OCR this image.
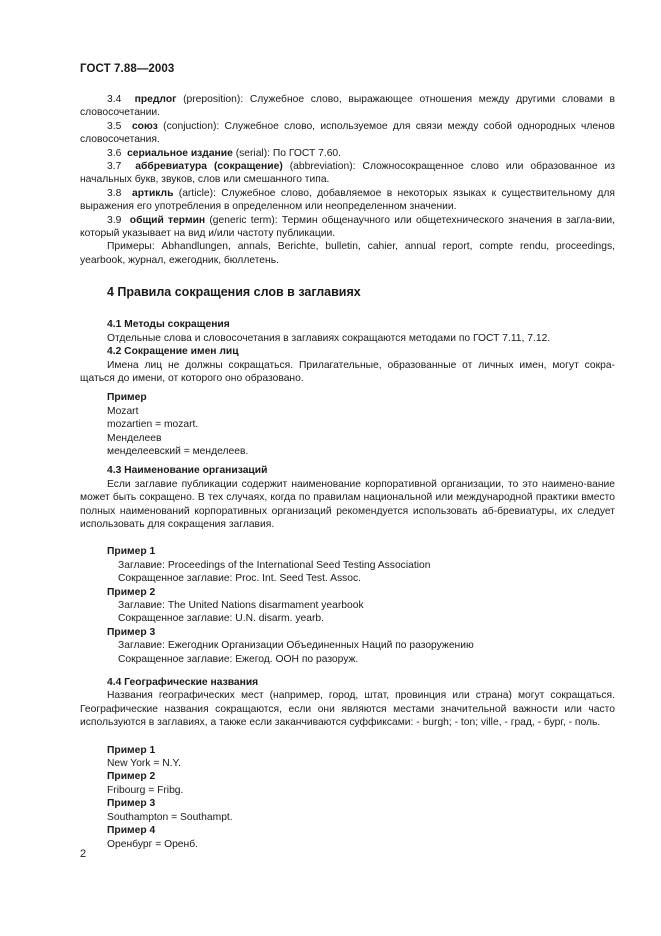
ГОСТ 7.88—2003

3.4 предлог (preposition): Служебное слово, выражающее отношения между другими словами в словосочетании.

3.5 союз (conjuction): Служебное слово, используемое для связи между собой однородных членов словосочетания.

3.6 сериальное издание (serial): По ГОСТ 7.60.

3.7 аббревиатура (сокращение) (abbreviation): Сложносокращенное слово или образованное из начальных букв, звуков, слов или смешанного типа.

3.8 артикль (article): Служебное слово, добавляемое в некоторых языках к существительному для выражения его употребления в определенном или неопределенном значении.

3.9 общий термин (generic term): Термин общенаучного или общетехнического значения в загла-вии, который указывает на вид и/или частоту публикации.

Примеры: Abhandlungen, annals, Berichte, bulletin, cahier, annual report, compte rendu, proceedings, yearbook, журнал, ежегодник, бюллетень.

4 Правила сокращения слов в заглавиях

4.1 Методы сокращения

Отдельные слова и словосочетания в заглавиях сокращаются методами по ГОСТ 7.11, 7.12.

4.2 Сокращение имен лиц

Имена лиц не должны сокращаться. Прилагательные, образованные от личных имен, могут сокра-щаться до имени, от которого оно образовано.

Пример

Mozart

mozartien = mozart.

Менделеев

менделеевский = менделеев.

4.3 Наименование организаций

Если заглавие публикации содержит наименование корпоративной организации, то это наимено-вание может быть сокращено. В тех случаях, когда по правилам национальной или международной практики вместо полных наименований корпоративных организаций рекомендуется использовать аб-бревиатуры, их следует использовать для сокращения заглавия.

Пример 1

Заглавие: Proceedings of the International Seed Testing Association

Сокращенное заглавие: Proc. Int. Seed Test. Assoc.

Пример 2

Заглавие: The United Nations disarmament yearbook

Сокращенное заглавие: U.N. disarm. yearb.

Пример 3

Заглавие: Ежегодник Организации Объединенных Наций по разоружению

Сокращенное заглавие: Ежегод. ООН по разоруж.

4.4 Географические названия

Названия географических мест (например, город, штат, провинция или страна) могут сокращаться. Географические названия сокращаются, если они являются местами значительной важности или часто используются в заглавиях, а также если заканчиваются суффиксами: - burgh; - ton; ville, - град, - бург, - поль.

Пример 1

New York = N.Y.

Пример 2

Fribourg = Fribg.

Пример 3

Southampton = Southampt.

Пример 4

Оренбург = Оренб.

2
